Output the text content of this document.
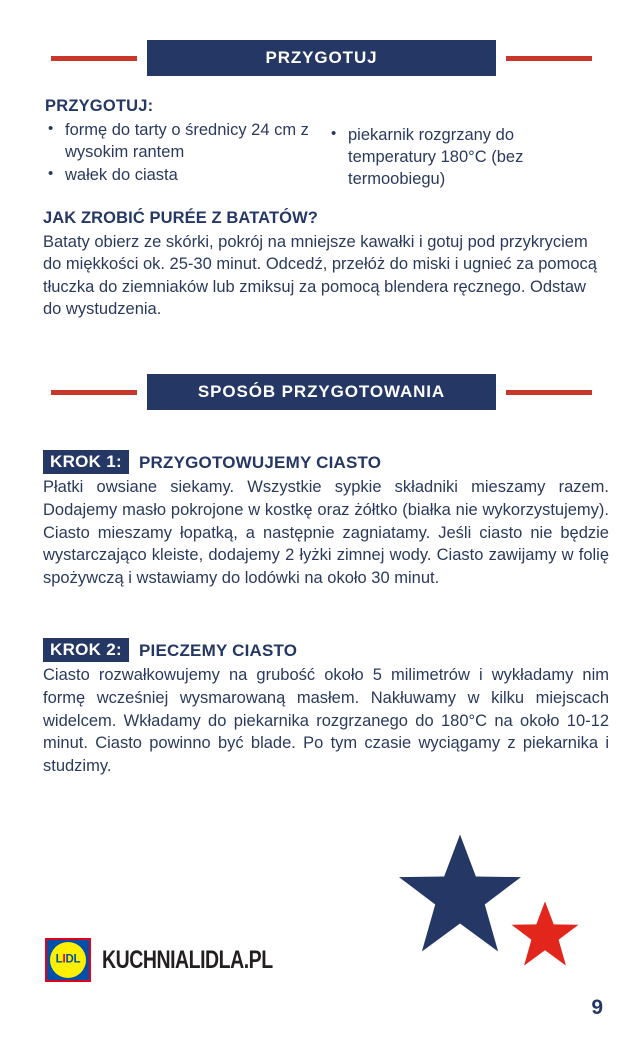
PRZYGOTUJ
PRZYGOTUJ:
• formę do tarty o średnicy 24 cm z wysokim rantem
• wałek do ciasta
• piekarnik rozgrzany do temperatury 180°C (bez termoobiegu)
JAK ZROBIĆ PURÉE Z BATATÓW?

Bataty obierz ze skórki, pokrój na mniejsze kawałki i gotuj pod przykryciem do miękkości ok. 25-30 minut. Odcedź, przełóż do miski i ugnieć za pomocą tłuczka do ziemniaków lub zmiksuj za pomocą blendera ręcznego. Odstaw do wystudzenia.

SPOSÓB PRZYGOTOWANIA
KROK 1:	PRZYGOTOWUJEMY CIASTO

Płatki owsiane siekamy. Wszystkie sypkie składniki mieszamy razem. Dodajemy masło pokrojone w kostkę oraz żółtko (białka nie wykorzystujemy). Ciasto mieszamy łopatką, a następnie zagniatamy. Jeśli ciasto nie będzie wystarczająco kleiste, dodajemy 2 łyżki zimnej wody. Ciasto zawijamy w folię spożywczą i wstawiamy do lodówki na około 30 minut.

KROK 2:	PIECZEMY CIASTO

Ciasto rozwałkowujemy na grubość około 5 milimetrów i wykładamy nim formę wcześniej wysmarowaną masłem. Nakłuwamy w kilku miejscach widelcem. Wkładamy do piekarnika rozgrzanego do 180°C na około 10-12 minut. Ciasto powinno być blade. Po tym czasie wyciągamy z piekarnika i studzimy.

LIDL KUCHNIALIDLA.PL
9
